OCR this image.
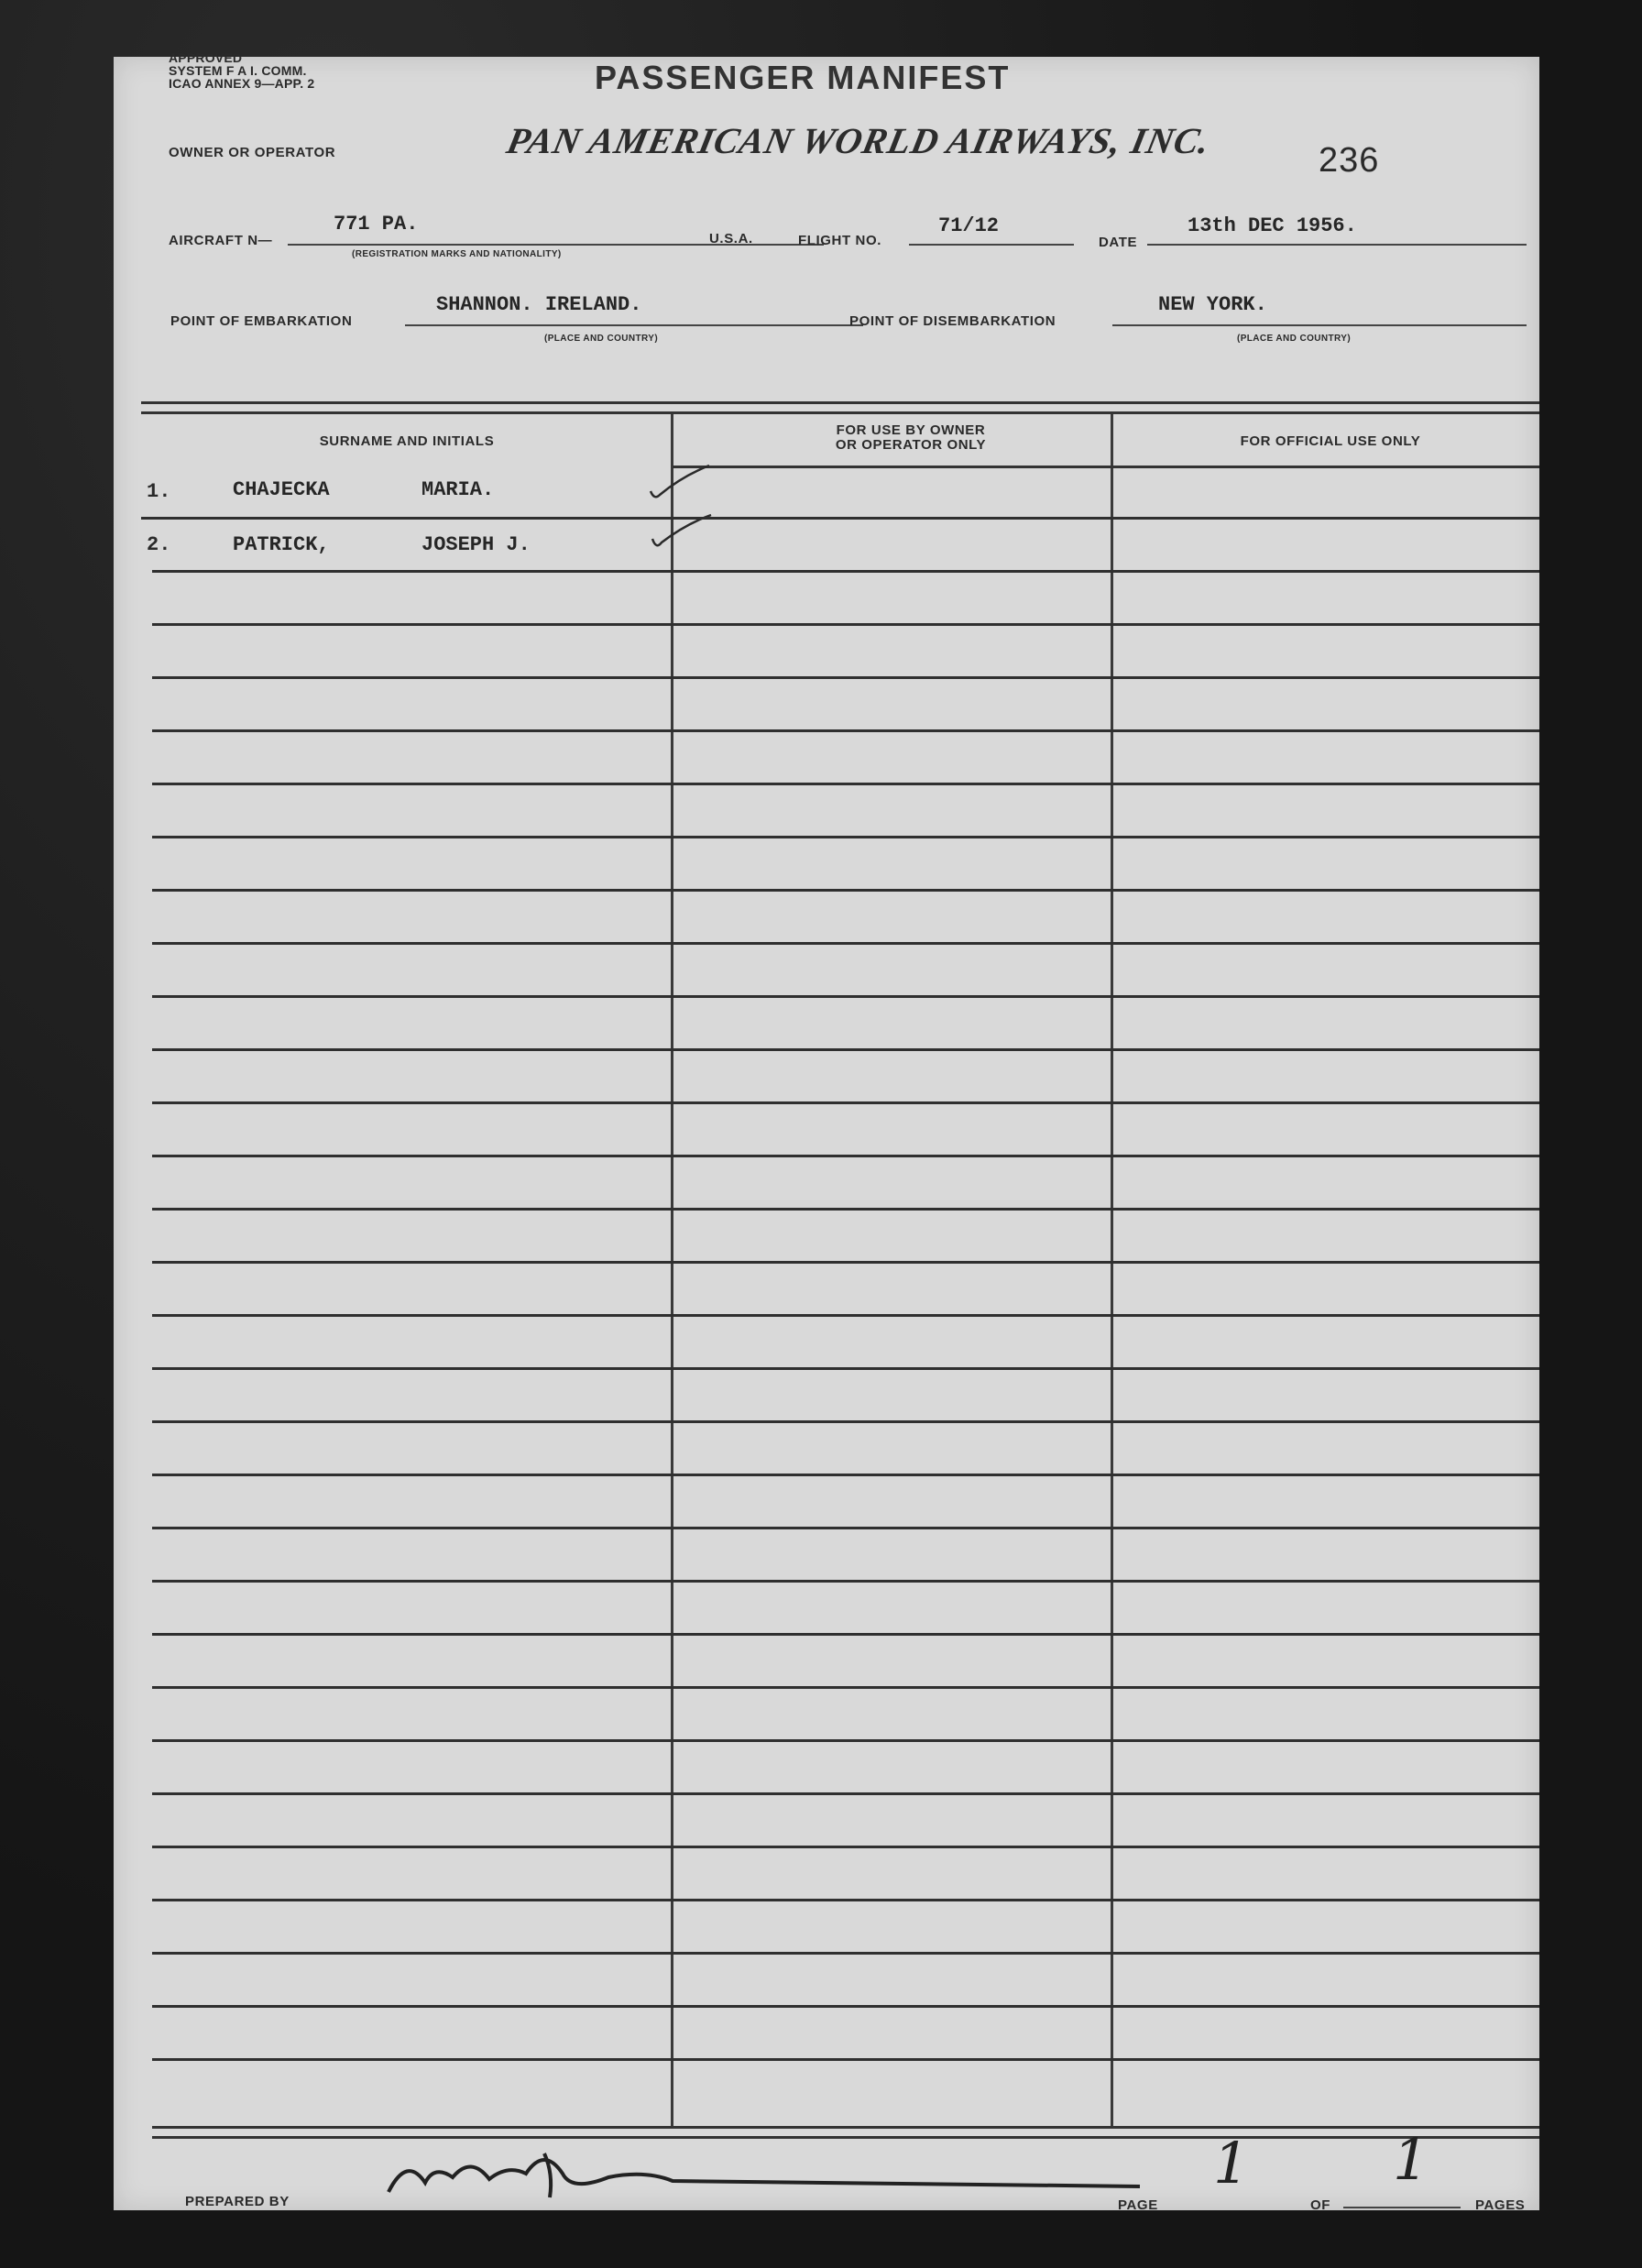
APPROVED
SYSTEM F A I. COMM.
ICAO ANNEX 9—APP. 2	PASSENGER MANIFEST
OWNER OR OPERATOR	PAN AMERICAN WORLD AIRWAYS, INC.	236
AIRCRAFT N—
771 PA.
(REGISTRATION MARKS AND NATIONALITY)
U.S.A.	FLIGHT NO.
71/12
DATE
13th DEC 1956.
POINT OF EMBARKATION
SHANNON. IRELAND.
(PLACE AND COUNTRY)
POINT OF DISEMBARKATION
NEW YORK.
(PLACE AND COUNTRY)
SURNAME AND INITIALS
FOR USE BY OWNER
OR OPERATOR ONLY	FOR OFFICIAL USE ONLY
1.	CHAJECKA	MARIA.
2.	PATRICK,	JOSEPH J.
PREPARED BY	PAGE
1
OF
1
PAGES
